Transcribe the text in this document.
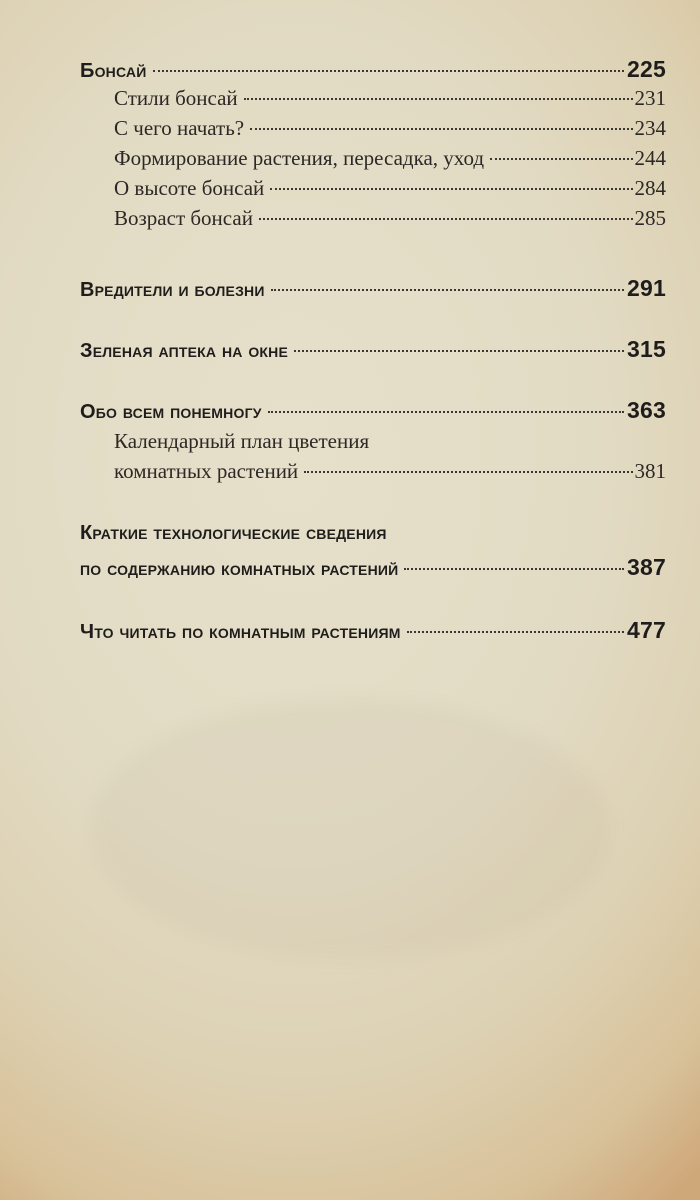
Бонсай	225
Стили бонсай	231
С чего начать?	234
Формирование растения, пересадка, уход	244
О высоте бонсай	284
Возраст бонсай	285
Вредители и болезни	291
Зеленая аптека на окне	315
Обо всем понемногу	363
Календарный план цветения
комнатных растений	381
Краткие технологические сведения
по содержанию комнатных растений	387
Что читать по комнатным растениям	477
